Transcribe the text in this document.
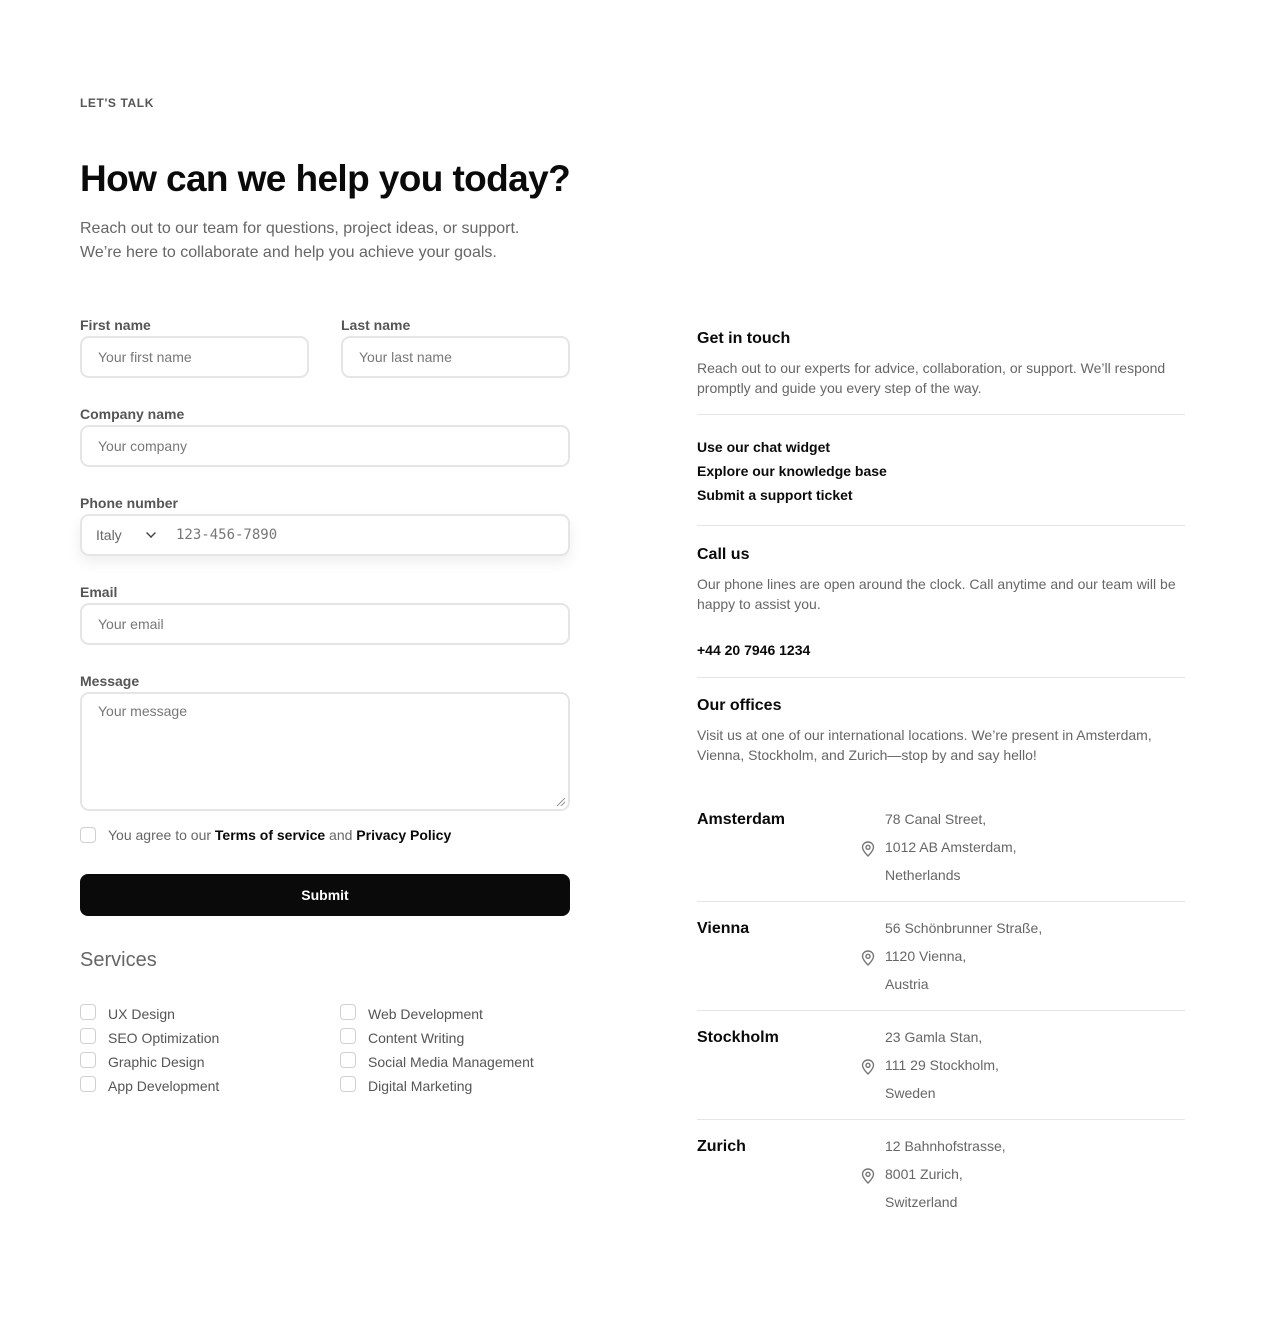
LET'S TALK
How can we help you today?
Reach out to our team for questions, project ideas, or support.
We’re here to collaborate and help you achieve your goals.
First name
Your first name
Last name
Your last name
Company name
Your company
Phone number
Italy	123-456-7890
Email
Your email
Message
Your message
You agree to our
Terms of service
and
Privacy Policy
Submit
Services
UX Design	Web Development
SEO Optimization	Content Writing
Graphic Design	Social Media Management
App Development	Digital Marketing
Get in touch
Reach out to our experts for advice, collaboration, or support. We’ll respond promptly and guide you every step of the way.
Use our chat widget
Explore our knowledge base
Submit a support ticket
Call us
Our phone lines are open around the clock. Call anytime and our team will be happy to assist you.
+44 20 7946 1234
Our offices
Visit us at one of our international locations. We’re present in Amsterdam, Vienna, Stockholm, and Zurich—stop by and say hello!
Amsterdam	78 Canal Street,
1012 AB Amsterdam,
Netherlands
Vienna	56 Schönbrunner Straße,
1120 Vienna,
Austria
Stockholm	23 Gamla Stan,
111 29 Stockholm,
Sweden
Zurich	12 Bahnhofstrasse,
8001 Zurich,
Switzerland
